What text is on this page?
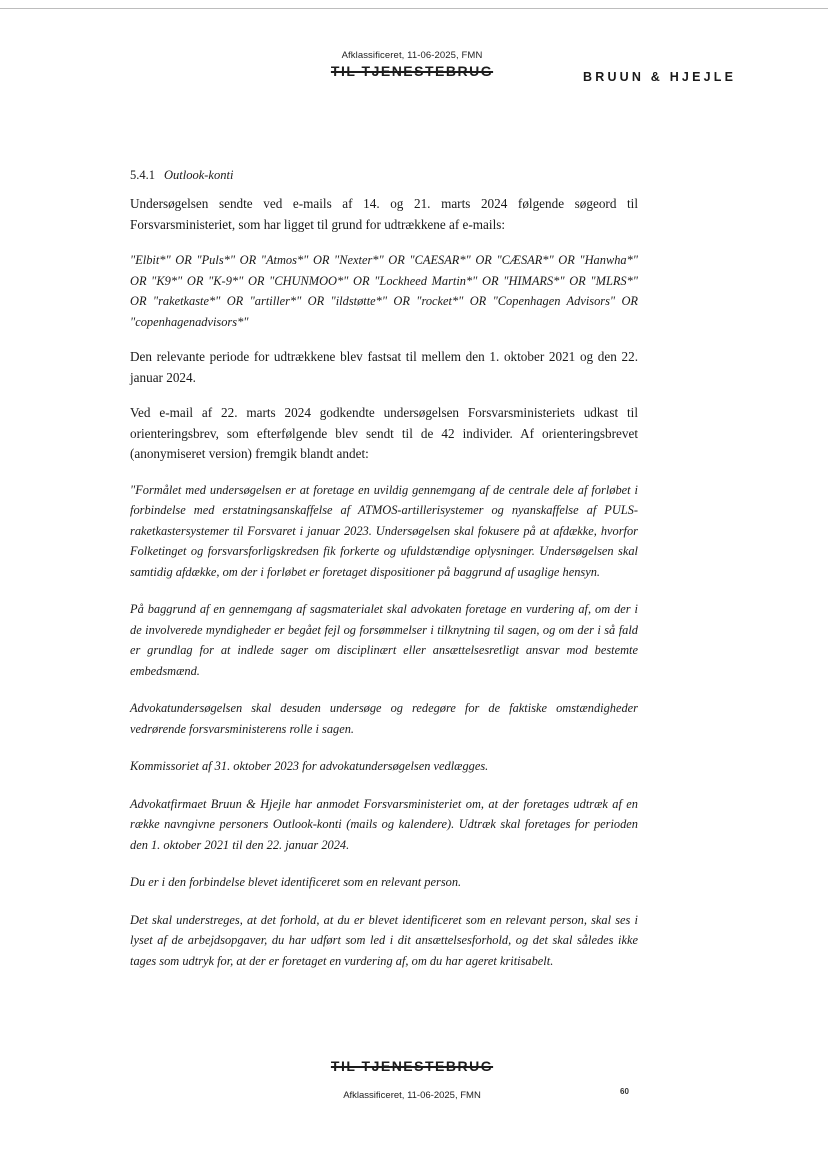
Afklassificeret, 11-06-2025, FMN
TIL TJENESTEBRUG	BRUUN & HJEJLE
5.4.1 Outlook-konti

Undersøgelsen sendte ved e-mails af 14. og 21. marts 2024 følgende søgeord til Forsvarsministeriet, som har ligget til grund for udtrækkene af e-mails:

"Elbit*" OR "Puls*" OR "Atmos*" OR "Nexter*" OR "CAESAR*" OR "CÆSAR*" OR "Hanwha*" OR "K9*" OR "K-9*" OR "CHUNMOO*" OR "Lockheed Martin*" OR "HIMARS*" OR "MLRS*" OR "raketkaste*" OR "artiller*" OR "ildstøtte*" OR "rocket*" OR "Copenhagen Advisors" OR "copenhagenadvisors*"

Den relevante periode for udtrækkene blev fastsat til mellem den 1. oktober 2021 og den 22. januar 2024.

Ved e-mail af 22. marts 2024 godkendte undersøgelsen Forsvarsministeriets udkast til orienteringsbrev, som efterfølgende blev sendt til de 42 individer. Af orienteringsbrevet (anonymiseret version) fremgik blandt andet:

"Formålet med undersøgelsen er at foretage en uvildig gennemgang af de centrale dele af forløbet i forbindelse med erstatningsanskaffelse af ATMOS-artillerisystemer og nyanskaffelse af PULS-raketkastersystemer til Forsvaret i januar 2023. Undersøgelsen skal fokusere på at afdække, hvorfor Folketinget og forsvarsforligskredsen fik forkerte og ufuldstændige oplysninger. Undersøgelsen skal samtidig afdække, om der i forløbet er foretaget dispositioner på baggrund af usaglige hensyn.

På baggrund af en gennemgang af sagsmaterialet skal advokaten foretage en vurdering af, om der i de involverede myndigheder er begået fejl og forsømmelser i tilknytning til sagen, og om der i så fald er grundlag for at indlede sager om disciplinært eller ansættelsesretligt ansvar mod bestemte embedsmænd.

Advokatundersøgelsen skal desuden undersøge og redegøre for de faktiske omstændigheder vedrørende forsvarsministerens rolle i sagen.

Kommissoriet af 31. oktober 2023 for advokatundersøgelsen vedlægges.

Advokatfirmaet Bruun & Hjejle har anmodet Forsvarsministeriet om, at der foretages udtræk af en række navngivne personers Outlook-konti (mails og kalendere). Udtræk skal foretages for perioden den 1. oktober 2021 til den 22. januar 2024.

Du er i den forbindelse blevet identificeret som en relevant person.

Det skal understreges, at det forhold, at du er blevet identificeret som en relevant person, skal ses i lyset af de arbejdsopgaver, du har udført som led i dit ansættelsesforhold, og det skal således ikke tages som udtryk for, at der er foretaget en vurdering af, om du har ageret kritisabelt.

TIL TJENESTEBRUG
Afklassificeret, 11-06-2025, FMN	60
